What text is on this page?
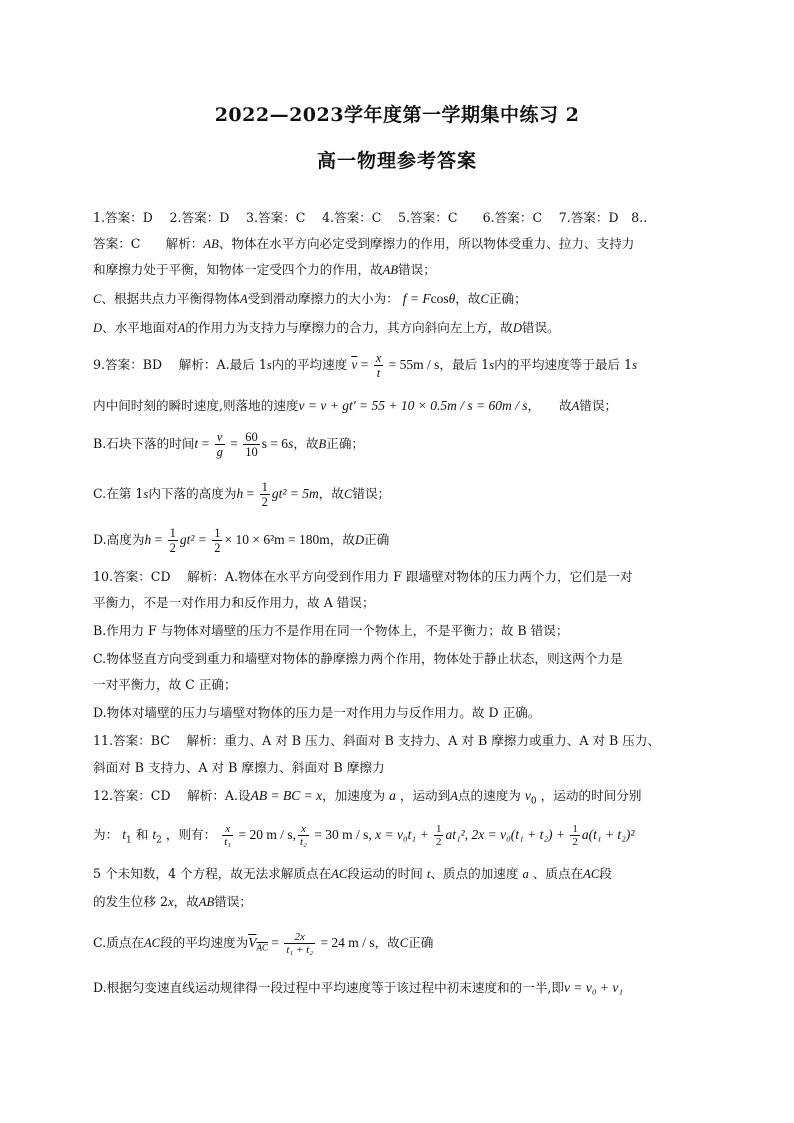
2022—2023学年度第一学期集中练习 2
高一物理参考答案
1.答案：D　 2.答案：D　 3.答案：C　 4.答案：C　 5.答案：C　　6.答案：C　 7.答案：D　8..
答案：C　　解析：AB、物体在水平方向必定受到摩擦力的作用，所以物体受重力、拉力、支持力
和摩擦力处于平衡，知物体一定受四个力的作用，故AB错误；
C、根据共点力平衡得物体A受到滑动摩擦力的大小为： f = Fcosθ，故C正确；
D、水平地面对A的作用力为支持力与摩擦力的合力，其方向斜向左上方，故D错误。
9.答案：BD　 解析：A.最后 1s内的平均速度 $\overline{v} = \frac{x}{t} = 55m / s$，最后 1s内的平均速度等于最后 1s
内中间时刻的瞬时速度,则落地的速度v = v + gt′ = 55 + 10 × 0.5m / s = 60m / s，　　故A错误；
B.石块下落的时间$t = \frac{v}{g} = \frac{60}{10}$ s = 6s，故B正确；
C.在第 1s内下落的高度为$h = \frac{1}{2} gt^2 = 5m$，故C错误；
D.高度为$h = \frac{1}{2} gt^2 = \frac{1}{2} \times 10 \times 6^2m = 180m$，故D正确
10.答案：CD　 解析：A.物体在水平方向受到作用力 F 跟墙壁对物体的压力两个力，它们是一对
平衡力，不是一对作用力和反作用力，故 A 错误；
B.作用力 F 与物体对墙壁的压力不是作用在同一个物体上，不是平衡力；故 B 错误；
C.物体竖直方向受到重力和墙壁对物体的静摩擦力两个作用，物体处于静止状态，则这两个力是
一对平衡力，故 C 正确；
D.物体对墙壁的压力与墙壁对物体的压力是一对作用力与反作用力。故 D 正确。
11.答案：BC　 解析：重力、A 对 B 压力、斜面对 B 支持力、A 对 B 摩擦力或重力、A 对 B 压力、
斜面对 B 支持力、A 对 B 摩擦力、斜面对 B 摩擦力
12.答案：CD　 解析：A.设AB = BC = x，加速度为 a ，运动到A点的速度为 $v_0$ ，运动的时间分别
为： $t_1$ 和 $t_2$ ，则有： $\frac{x}{\text{t₁}} = 20$ m / s, $\frac{x}{\text{t₂}} = 30$ m / s, $x = v_0t_1 + \frac{1}{2} at_1^2$, $2x = v_0(t_1 + t_2) + \frac{1}{2} a(t_1 + t_2)^2$
5 个未知数，4 个方程，故无法求解质点在AC段运动的时间 t、质点的加速度 a 、质点在AC段
的发生位移 2x，故AB错误；
C.质点在AC段的平均速度为$\overline{V}_{\overline{AC}} = \frac{2x}{\text{t₁ + t₂}} = 24$ m / s，故C正确
D.根据匀变速直线运动规律得一段过程中平均速度等于该过程中初末速度和的一半,即v = v₀ + v₁
